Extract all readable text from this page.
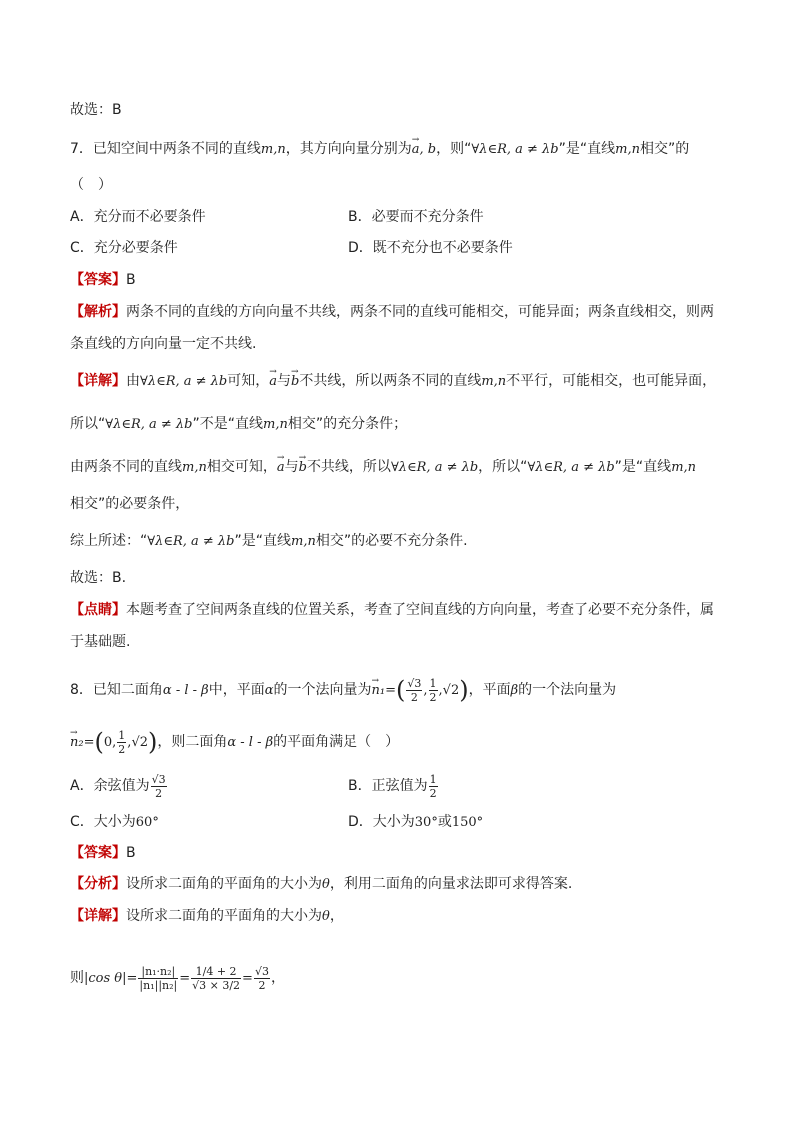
故选：B
7．已知空间中两条不同的直线m,n，其方向向量分别为→ a, b，则“∀λ∈R, a ≠ λb”是“直线m,n相交”的
（　）
A．充分而不必要条件	B．必要而不充分条件
C．充分必要条件	D．既不充分也不必要条件
【答案】B
【解析】两条不同的直线的方向向量不共线，两条不同的直线可能相交，可能异面；两条直线相交，则两
条直线的方向向量一定不共线.
【详解】由∀λ∈R, a ≠ λb可知，→ a与→ b不共线，所以两条不同的直线m,n不平行，可能相交，也可能异面，
所以“∀λ∈R, a ≠ λb”不是“直线m,n相交”的充分条件；
由两条不同的直线m,n相交可知，→ a与→ b不共线，所以∀λ∈R, a ≠ λb，所以“∀λ∈R, a ≠ λb”是“直线m,n
相交”的必要条件，
综上所述：“∀λ∈R, a ≠ λb”是“直线m,n相交”的必要不充分条件.
故选：B.
【点睛】本题考查了空间两条直线的位置关系，考查了空间直线的方向向量，考查了必要不充分条件，属
于基础题.
8．已知二面角α - l - β中，平面α的一个法向量为→ $n_1=( \frac{√3}{2}$ , $\frac{1}{2} ,√2$)，平面β的一个法向量为
→ n₂=(0, $\frac{1}{2} ,√2$)，则二面角α - l - β的平面角满足（　）
A．余弦值为 $\frac{√3}{2}$	B．正弦值为 $\frac{1}{2}$
C．大小为60°	D．大小为30°或150°
【答案】B
【分析】设所求二面角的平面角的大小为θ，利用二面角的向量求法即可求得答案.
【详解】设所求二面角的平面角的大小为θ，
则|cos $\theta|= \frac{\text{|n₁·n₂|}}{\text{|n₁||n₂|}} = \frac{1/4 + 2}{√3 \times 3/2} = \frac{√3}{2}$ ，
